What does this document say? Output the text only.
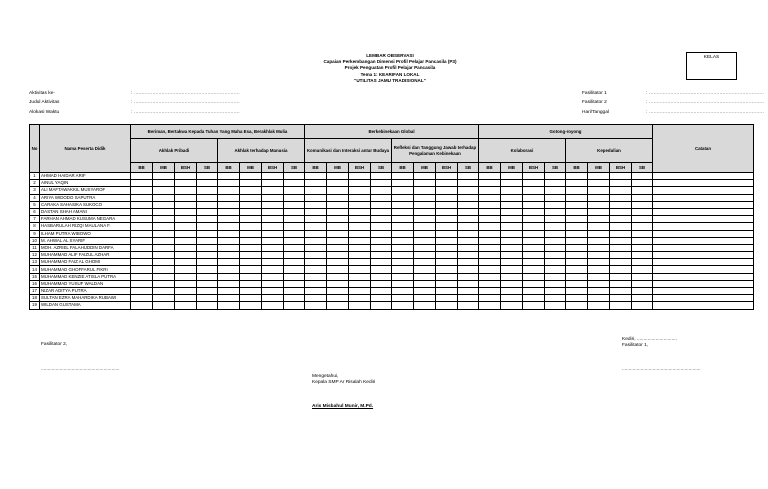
LEMBAR OBSERVASI
Capaian Perkembangan Dimensi Profil Pelajar Pancasila (P3)
Projek Penguatan Profil Pelajar Pancasila
Tema 1: KEARIFAN LOKAL
"UTILITAS JAMU TRADISIONAL"
KELAS
Aktivitas ke-	: .....................................................................
Judul Aktivitas	: .....................................................................
Alokasi Waktu	: .....................................................................
Fasilitator 1	: ...........................................................................
Fasilitator 2	: ...........................................................................
Hari/Tanggal	: ...........................................................................
No	Nama Peserta Didik	Beriman, Bertakwa Kepada Tuhan Yang Maha Esa, Berakhlak Mulia								Berkebinekaan Global								Gotong-royong								Catatan
		Akhlak Pribadi				Akhlak terhadap Manusia				Komunikasi dan Interaksi antar Budaya				Refleksi dan Tanggung Jawab terhadap Pengalaman Kebinekaan				Kolaborasi				Kepedulian				
		BB	MB	BSH	SB	BB	MB	BSH	SB	BB	MB	BSH	SB	BB	MB	BSH	SB	BB	MB	BSH	SB	BB	MB	BSH	SB	
1	AHMAD HAIDAR ARIF																									
2	AINUL YAQIN																									
3	ALI MAFTAWAKKIL MUSYAROF																									
4	ARIYA WIDODO SAPUTRA																									
5	CARAKA SAHASIKA SUKOCO																									
6	DASTAN SHAH AMANI																									
7	FARHAN AHMAD KUSUMA NEGARA																									
8	HASBARULAH RIZQI MAULANA F.																									
9	ILHAM PUTRA WIBOWO																									
10	M. AHWAL AL SYARIF																									
11	MOH. AZRIEL FALAHUDDIN DARFA																									
12	MUHAMMAD ALIF FAIZUL AZHAR																									
13	MUHAMMAD FAIZ AL GHOMI																									
14	MUHAMMAD GHOFFARUL FIKRI																									
15	MUHAMMAD KENZIE ATISLA PUTRA																									
16	MUHAMMAD YUSUF WALDAN																									
17	NIZAR ADITYA PUTRA																									
18	SULTAN EZRA MAHARDIKA RUBAWI																									
19	WILDAN GUSTAMA																									
Fasilitator 2,
Kediri, ..............................
Fasilitator 1,
...........................................................	...........................................................
Mengetahui,
Kepala SMP Ar Risalah Kediri
Aris Misbahul Munir, M.Pd.
